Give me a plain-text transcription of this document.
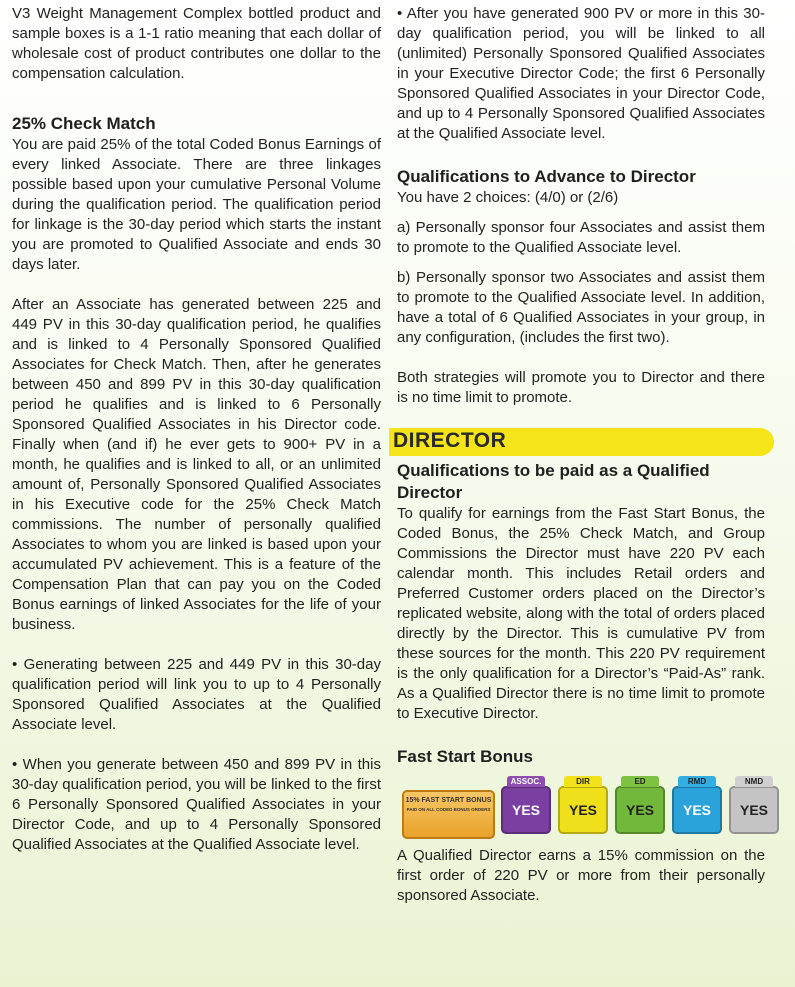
V3 Weight Management Complex bottled product and sample boxes is a 1-1 ratio meaning that each dollar of wholesale cost of product contributes one dollar to the compensation calculation.

25% Check Match

You are paid 25% of the total Coded Bonus Earnings of every linked Associate. There are three linkages possible based upon your cumulative Personal Volume during the qualification period. The qualification period for linkage is the 30-day period which starts the instant you are promoted to Qualified Associate and ends 30 days later.

After an Associate has generated between 225 and 449 PV in this 30-day qualification period, he qualifies and is linked to 4 Personally Sponsored Qualified Associates for Check Match. Then, after he generates between 450 and 899 PV in this 30-day qualification period he qualifies and is linked to 6 Personally Sponsored Qualified Associates in his Director code. Finally when (and if) he ever gets to 900+ PV in a month, he qualifies and is linked to all, or an unlimited amount of, Personally Sponsored Qualified Associates in his Executive code for the 25% Check Match commissions. The number of personally qualified Associates to whom you are linked is based upon your accumulated PV achievement. This is a feature of the Compensation Plan that can pay you on the Coded Bonus earnings of linked Associates for the life of your business.

• Generating between 225 and 449 PV in this 30-day qualification period will link you to up to 4 Personally Sponsored Qualified Associates at the Qualified Associate level.

• When you generate between 450 and 899 PV in this 30-day qualification period, you will be linked to the first 6 Personally Sponsored Qualified Associates in your Director Code, and up to 4 Personally Sponsored Qualified Associates at the Qualified Associate level.

• After you have generated 900 PV or more in this 30-day qualification period, you will be linked to all (unlimited) Personally Sponsored Qualified Associates in your Executive Director Code; the first 6 Personally Sponsored Qualified Associates in your Director Code, and up to 4 Personally Sponsored Qualified Associates at the Qualified Associate level.

Qualifications to Advance to Director

You have 2 choices: (4/0) or (2/6)

a) Personally sponsor four Associates and assist them to promote to the Qualified Associate level.

b) Personally sponsor two Associates and assist them to promote to the Qualified Associate level. In addition, have a total of 6 Qualified Associates in your group, in any configuration, (includes the first two).

Both strategies will promote you to Director and there is no time limit to promote.

DIRECTOR
Qualifications to be paid as a Qualified Director

To qualify for earnings from the Fast Start Bonus, the Coded Bonus, the 25% Check Match, and Group Commissions the Director must have 220 PV each calendar month. This includes Retail orders and Preferred Customer orders placed on the Director’s replicated website, along with the total of orders placed directly by the Director. This is cumulative PV from these sources for the month. This 220 PV requirement is the only qualification for a Director’s “Paid-As” rank. As a Qualified Director there is no time limit to promote to Executive Director.

Fast Start Bonus
15% FAST START BONUS
PAID ON ALL CODED BONUS ORDERS	YES
ASSOC.
YES
DIR
YES
ED
YES
RMD
YES
NMD

A Qualified Director earns a 15% commission on the first order of 220 PV or more from their personally sponsored Associate.
